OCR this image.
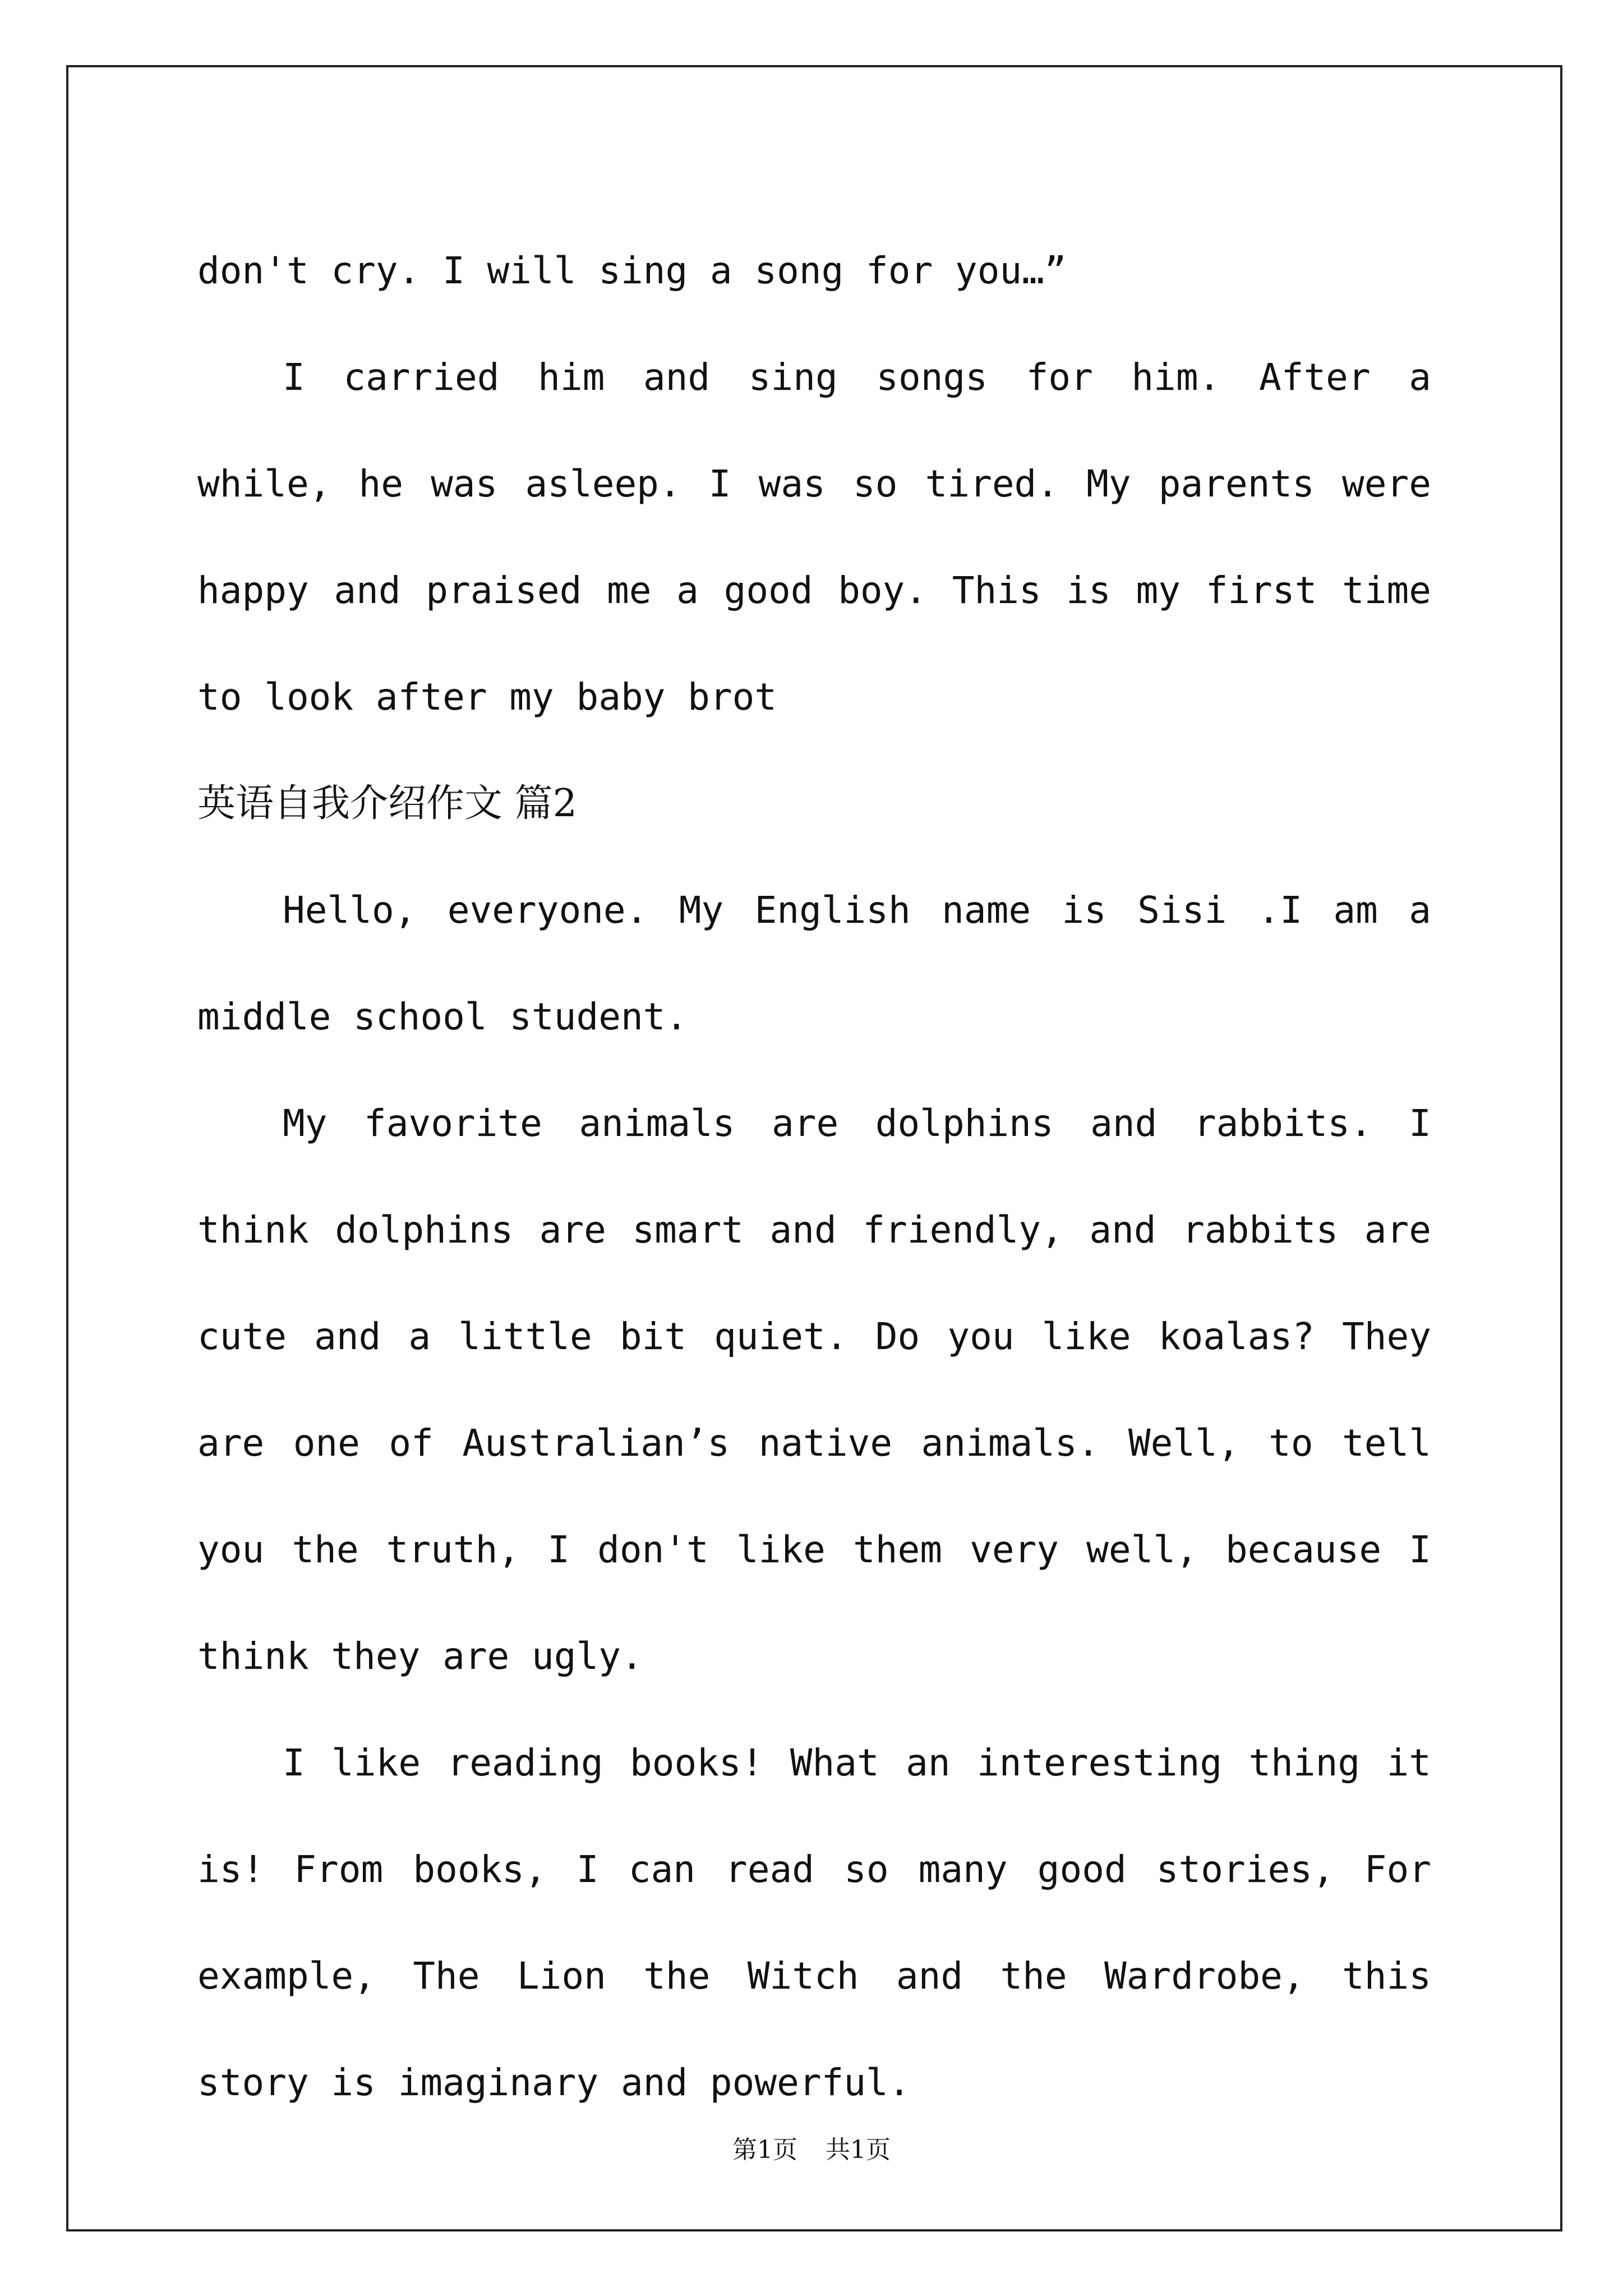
don't cry. I will sing a song for you…”

I carried him and sing songs for him. After a while, he was asleep. I was so tired. My parents were happy and praised me a good boy. This is my first time to look after my baby brot

英语自我介绍作文 篇2

Hello, everyone. My English name is Sisi .I am a middle school student.

My favorite animals are dolphins and rabbits. I think dolphins are smart and friendly, and rabbits are cute and a little bit quiet. Do you like koalas? They are one of Australian’s native animals. Well, to tell you the truth, I don't like them very well, because I think they are ugly.

I like reading books! What an interesting thing it is! From books, I can read so many good stories, For example, The Lion the Witch and the Wardrobe, this story is imaginary and powerful.

第1页 共1页
